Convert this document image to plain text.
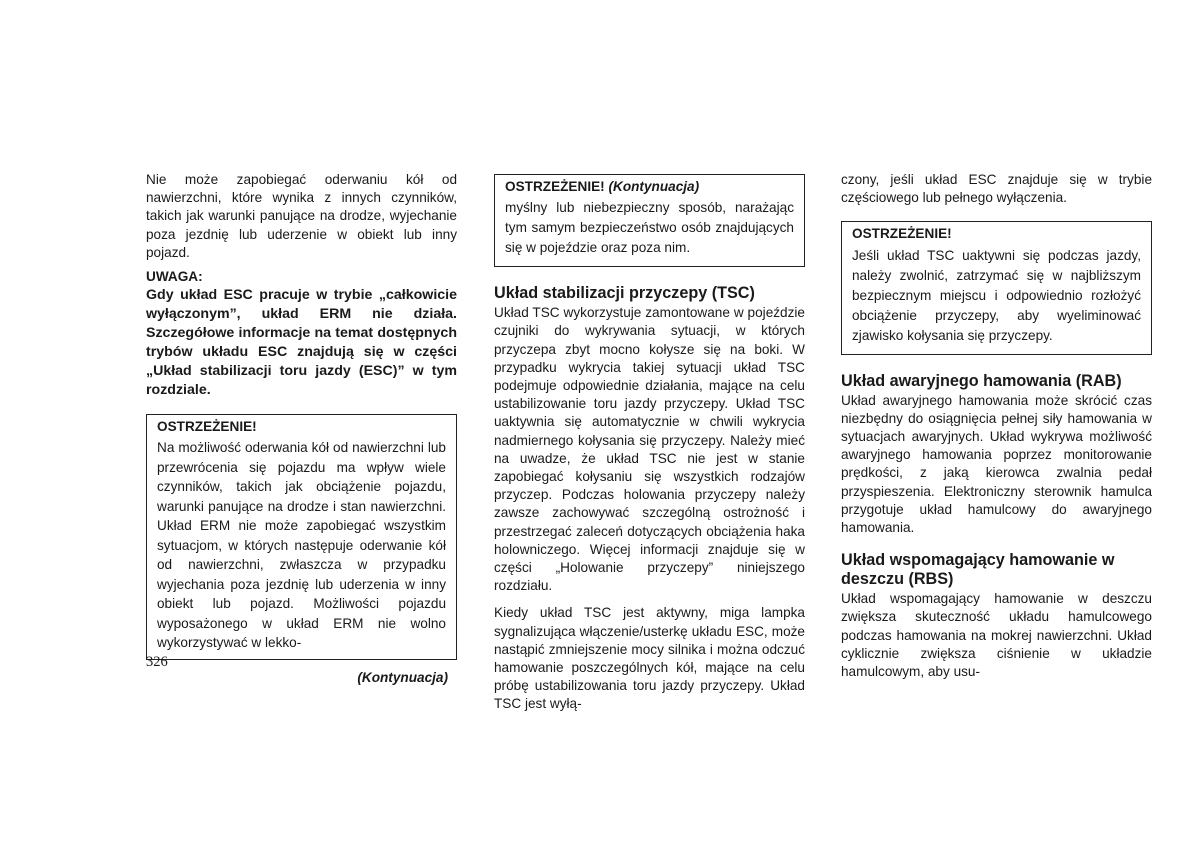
Nie może zapobiegać oderwaniu kół od nawierzchni, które wynika z innych czynników, takich jak warunki panujące na drodze, wyjechanie poza jezdnię lub uderzenie w obiekt lub inny pojazd.

UWAGA:

Gdy układ ESC pracuje w trybie „całkowicie wyłączonym”, układ ERM nie działa. Szczegółowe informacje na temat dostępnych trybów układu ESC znajdują się w części „Układ stabilizacji toru jazdy (ESC)” w tym rozdziale.

OSTRZEŻENIE!

Na możliwość oderwania kół od nawierzchni lub przewrócenia się pojazdu ma wpływ wiele czynników, takich jak obciążenie pojazdu, warunki panujące na drodze i stan nawierzchni. Układ ERM nie może zapobiegać wszystkim sytuacjom, w których następuje oderwanie kół od nawierzchni, zwłaszcza w przypadku wyjechania poza jezdnię lub uderzenia w inny obiekt lub pojazd. Możliwości pojazdu wyposażonego w układ ERM nie wolno wykorzystywać w lekko-

(Kontynuacja)

OSTRZEŻENIE! (Kontynuacja)

myślny lub niebezpieczny sposób, narażając tym samym bezpieczeństwo osób znajdujących się w pojeździe oraz poza nim.

Układ stabilizacji przyczepy (TSC)

Układ TSC wykorzystuje zamontowane w pojeździe czujniki do wykrywania sytuacji, w których przyczepa zbyt mocno kołysze się na boki. W przypadku wykrycia takiej sytuacji układ TSC podejmuje odpowiednie działania, mające na celu ustabilizowanie toru jazdy przyczepy. Układ TSC uaktywnia się automatycznie w chwili wykrycia nadmiernego kołysania się przyczepy. Należy mieć na uwadze, że układ TSC nie jest w stanie zapobiegać kołysaniu się wszystkich rodzajów przyczep. Podczas holowania przyczepy należy zawsze zachowywać szczególną ostrożność i przestrzegać zaleceń dotyczących obciążenia haka holowniczego. Więcej informacji znajduje się w części „Holowanie przyczepy” niniejszego rozdziału.

Kiedy układ TSC jest aktywny, miga lampka sygnalizująca włączenie/usterkę układu ESC, może nastąpić zmniejszenie mocy silnika i można odczuć hamowanie poszczególnych kół, mające na celu próbę ustabilizowania toru jazdy przyczepy. Układ TSC jest wyłą-

czony, jeśli układ ESC znajduje się w trybie częściowego lub pełnego wyłączenia.

OSTRZEŻENIE!

Jeśli układ TSC uaktywni się podczas jazdy, należy zwolnić, zatrzymać się w najbliższym bezpiecznym miejscu i odpowiednio rozłożyć obciążenie przyczepy, aby wyeliminować zjawisko kołysania się przyczepy.

Układ awaryjnego hamowania (RAB)

Układ awaryjnego hamowania może skrócić czas niezbędny do osiągnięcia pełnej siły hamowania w sytuacjach awaryjnych. Układ wykrywa możliwość awaryjnego hamowania poprzez monitorowanie prędkości, z jaką kierowca zwalnia pedał przyspieszenia. Elektroniczny sterownik hamulca przygotuje układ hamulcowy do awaryjnego hamowania.

Układ wspomagający hamowanie w deszczu (RBS)

Układ wspomagający hamowanie w deszczu zwiększa skuteczność układu hamulcowego podczas hamowania na mokrej nawierzchni. Układ cyklicznie zwiększa ciśnienie w układzie hamulcowym, aby usu-

326
